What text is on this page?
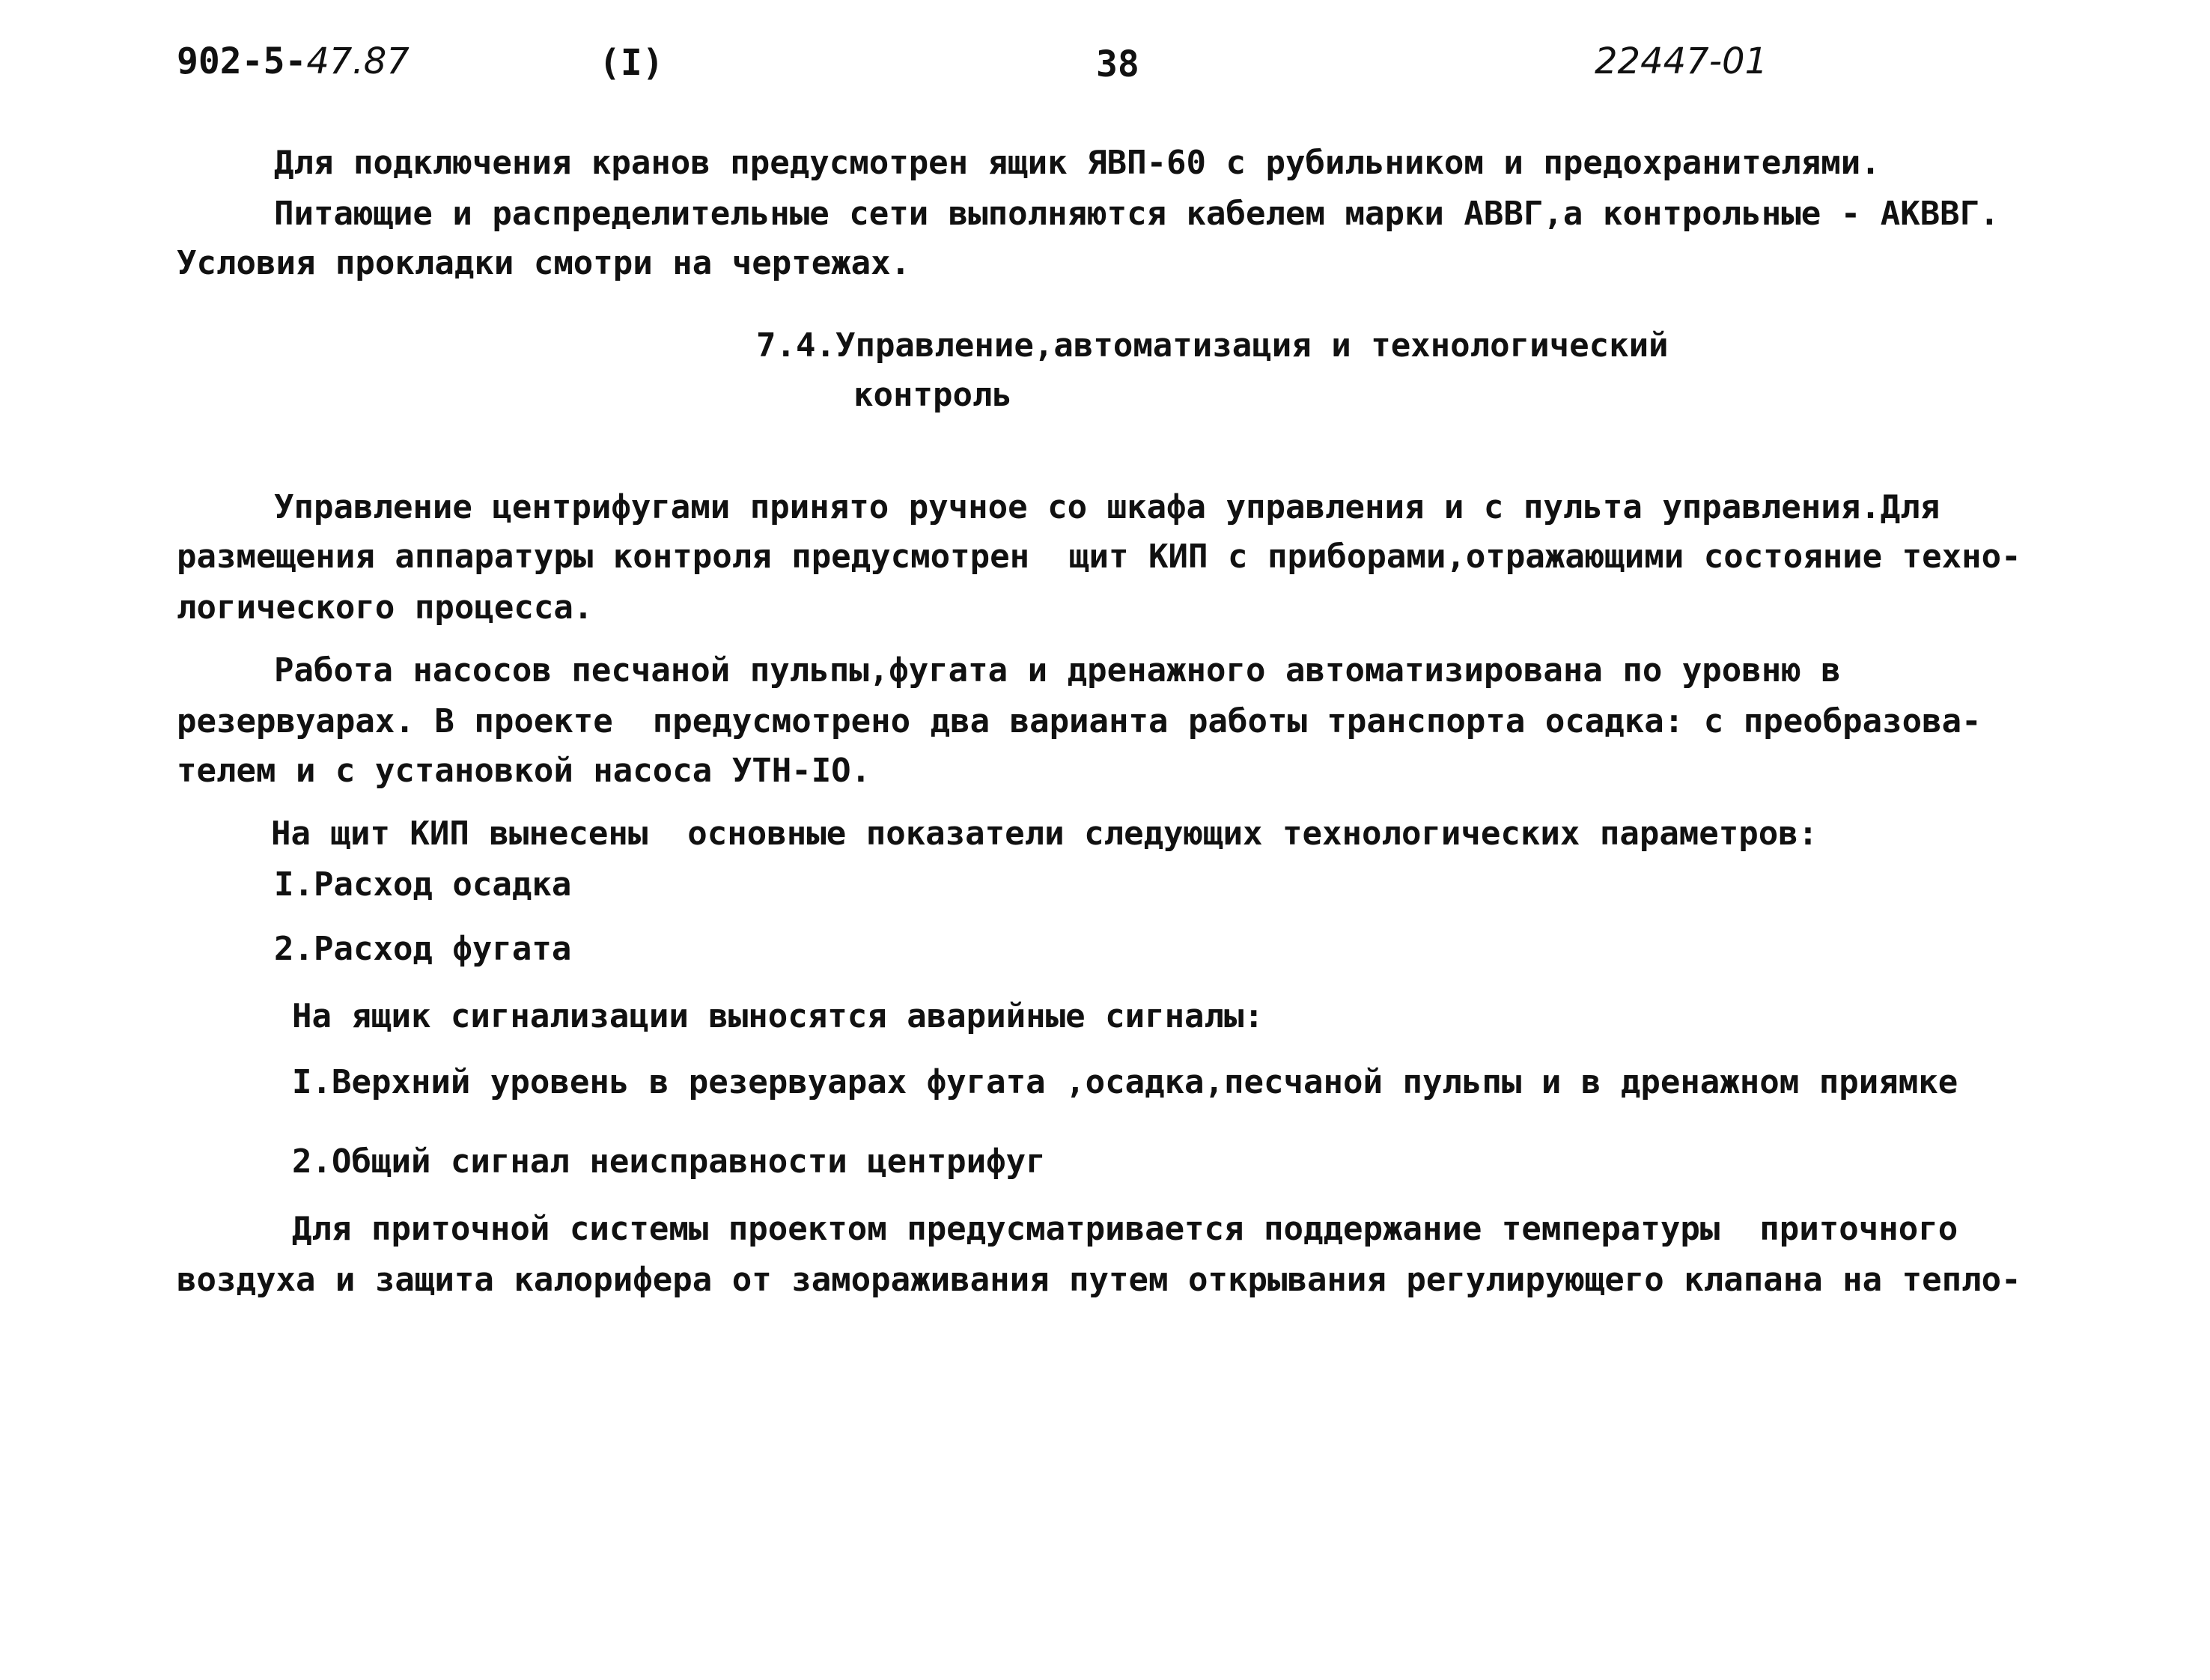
902-5-47.87	(I)	38	22447-01
Для подключения кранов предусмотрен ящик ЯВП-60 с рубильником и предохранителями.
Питающие и распределительные сети выполняются кабелем марки АВВГ,а контрольные - АКВВГ.
Условия прокладки смотри на чертежах.
7.4.Управление,автоматизация и технологический
контроль
Управление центрифугами принято ручное со шкафа управления и с пульта управления.Для
размещения аппаратуры контроля предусмотрен  щит КИП с приборами,отражающими состояние техно-
логического процесса.
Работа насосов песчаной пульпы,фугата и дренажного автоматизирована по уровню в
резервуарах. В проекте  предусмотрено два варианта работы транспорта осадка: с преобразова-
телем и с установкой насоса УТН-IO.
На щит КИП вынесены  основные показатели следующих технологических параметров:
I.Расход осадка
2.Расход фугата
На ящик сигнализации выносятся аварийные сигналы:
I.Верхний уровень в резервуарах фугата ,осадка,песчаной пульпы и в дренажном приямке
2.Общий сигнал неисправности центрифуг
Для приточной системы проектом предусматривается поддержание температуры  приточного
воздуха и защита калорифера от замораживания путем открывания регулирующего клапана на тепло-
